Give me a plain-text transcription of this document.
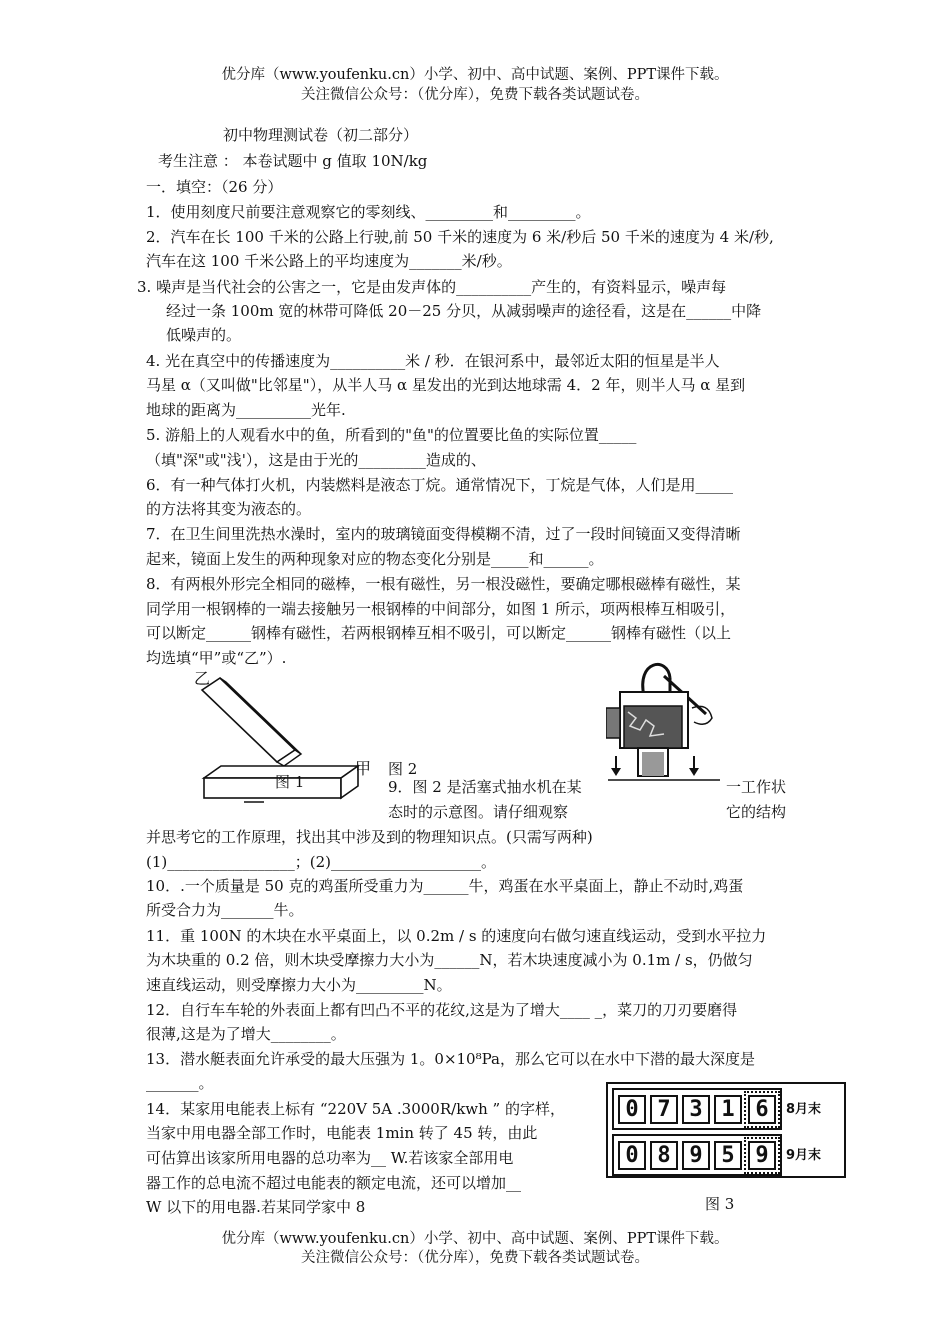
优分库（www.youfenku.cn）小学、初中、高中试题、案例、PPT课件下载。
关注微信公众号：（优分库），免费下载各类试题试卷。
初中物理测试卷（初二部分）
考生注意 ： 本卷试题中 g 值取 10N/kg
一．填空：（26 分）
1．使用刻度尺前要注意观察它的零刻线、_________和_________。
2．汽车在长 100 千米的公路上行驶,前 50 千米的速度为 6 米/秒后 50 千米的速度为 4 米/秒,
汽车在这 100 千米公路上的平均速度为_______米/秒。
3. 噪声是当代社会的公害之一，它是由发声体的__________产生的，有资料显示，噪声每
经过一条 100m 宽的林带可降低 20－25 分贝，从减弱噪声的途径看，这是在______中降
低噪声的。
4. 光在真空中的传播速度为__________米 / 秒．在银河系中，最邻近太阳的恒星是半人
马星 α（又叫做"比邻星"），从半人马 α 星发出的光到达地球需 4．2 年，则半人马 α 星到
地球的距离为__________光年.
5. 游船上的人观看水中的鱼，所看到的"鱼"的位置要比鱼的实际位置_____
（填"深"或"浅'），这是由于光的_________造成的、
6．有一种气体打火机，内装燃料是液态丁烷。通常情况下，丁烷是气体，人们是用_____
的方法将其变为液态的。
7．在卫生间里洗热水澡时，室内的玻璃镜面变得模糊不清，过了一段时间镜面又变得清晰
起来，镜面上发生的两种现象对应的物态变化分别是_____和______。
8．有两根外形完全相同的磁棒，一根有磁性，另一根没磁性，要确定哪根磁棒有磁性，某
同学用一根钢棒的一端去接触另一根钢棒的中间部分，如图 1 所示，项两根棒互相吸引，
可以断定______钢棒有磁性，若两根钢棒互相不吸引，可以断定______钢棒有磁性（以上
均选填“甲”或“乙”）.
乙
甲
图 1
图 2
9．图 2 是活塞式抽水机在某	一工作状
态时的示意图。请仔细观察	它的结构
并思考它的工作原理，找出其中涉及到的物理知识点。(只需写两种)
(1)_________________；(2)____________________。
10．.一个质量是 50 克的鸡蛋所受重力为______牛，鸡蛋在水平桌面上，静止不动时,鸡蛋
所受合力为_______牛。
11．重 100N 的木块在水平桌面上，以 0.2m / s 的速度向右做匀速直线运动，受到水平拉力
为木块重的 0.2 倍，则木块受摩擦力大小为______N，若木块速度减小为 0.1m / s，仍做匀
速直线运动，则受摩擦力大小为_________N。
12．自行车车轮的外表面上都有凹凸不平的花纹,这是为了增大____ _，菜刀的刀刃要磨得
很薄,这是为了增大________。
13．潜水艇表面允许承受的最大压强为 1。0×10⁸Pa，那么它可以在水中下潜的最大深度是
_______。
14．某家用电能表上标有 “220V 5A .3000R/kwh ” 的字样，
当家中用电器全部工作时，电能表 1min 转了 45 转，由此
可估算出该家所用电器的总功率为__ W.若该家全部用电
器工作的总电流不超过电能表的额定电流，还可以增加__
W 以下的用电器.若某同学家中 8
0 7 3 1 6	8月末
0 8 9 5 9	9月末
图 3
优分库（www.youfenku.cn）小学、初中、高中试题、案例、PPT课件下载。
关注微信公众号：（优分库），免费下载各类试题试卷。
